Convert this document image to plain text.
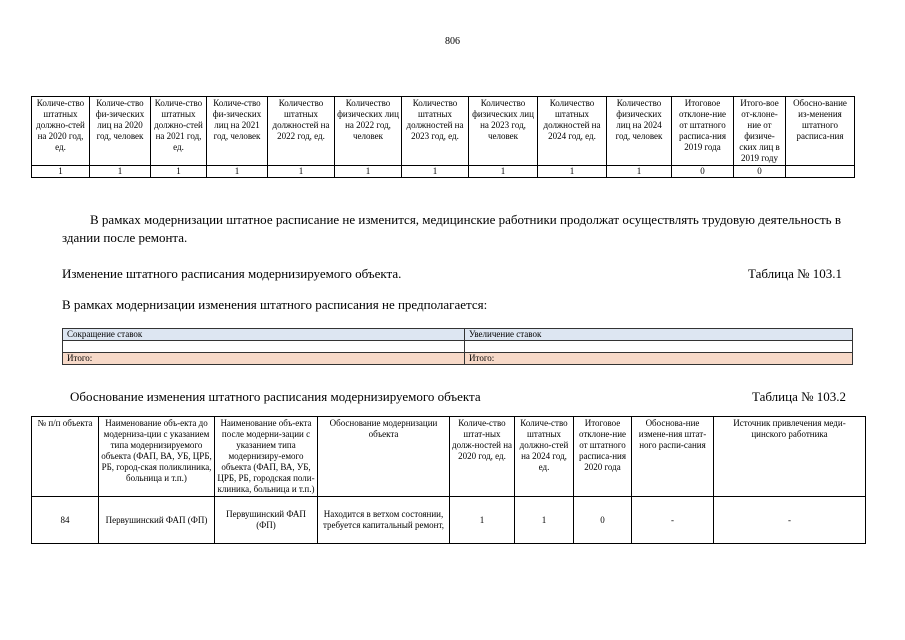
806
Количе-ство штатных должно-стей на 2020 год, ед.	Количе-ство фи-зических лиц на 2020 год, человек	Количе-ство штатных должно-стей на 2021 год, ед.	Количе-ство фи-зических лиц на 2021 год, человек	Количество штатных должностей на 2022 год, ед.	Количество физических лиц на 2022 год, человек	Количество штатных должностей на 2023 год, ед.	Количество физических лиц на 2023 год, человек	Количество штатных должностей на 2024 год, ед.	Количество физических лиц на 2024 год, человек	Итоговое отклоне-ние от штатного расписа-ния 2019 года	Итого-вое от-клоне-ние от физиче-ских лиц в 2019 году	Обосно-вание из-менения штатного расписа-ния
1	1	1	1	1	1	1	1	1	1	0	0	
В рамках модернизации штатное расписание не изменится, медицинские работники продолжат осуществлять трудовую деятельность в здании после ремонта.
Изменение штатного расписания модернизируемого объекта.	Таблица № 103.1
В рамках модернизации изменения штатного расписания не предполагается:
Сокращение ставок	Увеличение ставок

Итого:	Итого:
Обоснование изменения штатного расписания модернизируемого объекта	Таблица № 103.2
№ п/п объекта	Наименование объ-екта до модерниза-ции с указанием типа модернизируемого объекта (ФАП, ВА, УБ, ЦРБ, РБ, город-ская поликлиника, больница и т.п.)	Наименование объ-екта после модерни-зации с указанием типа модернизиру-емого объекта (ФАП, ВА, УБ, ЦРБ, РБ, городская поли-клиника, больница и т.п.)	Обоснование модернизации объекта	Количе-ство штат-ных долж-ностей на 2020 год, ед.	Количе-ство штатных должно-стей на 2024 год, ед.	Итоговое отклоне-ние от штатного расписа-ния 2020 года	Обоснова-ние измене-ния штат-ного распи-сания	Источник привлечения меди-цинского работника
84	Первушинский ФАП (ФП)	Первушинский ФАП (ФП)	Находится в ветхом состоянии, требуется капитальный ремонт,	1	1	0	-	-
